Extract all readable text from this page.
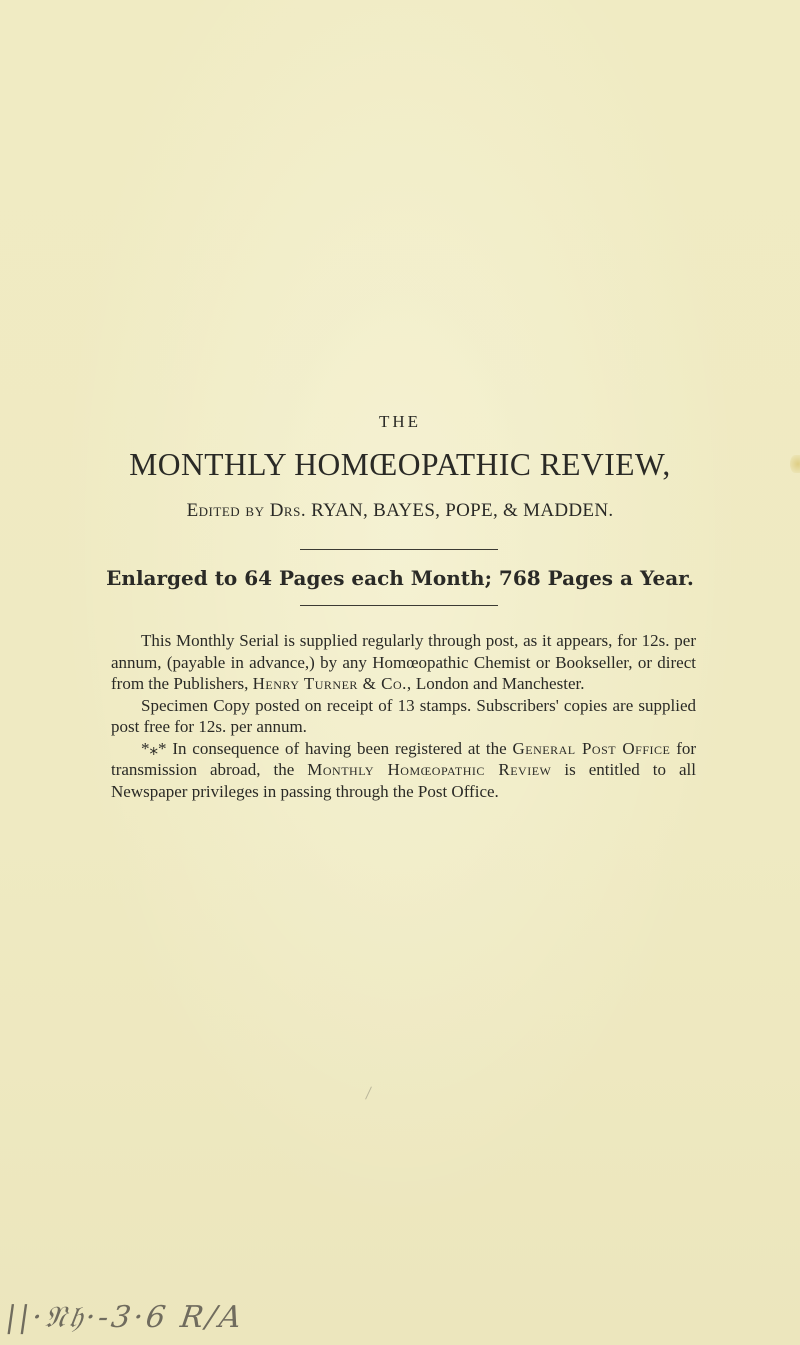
THE
MONTHLY HOMŒOPATHIC REVIEW,
Edited by Drs. RYAN, BAYES, POPE, & MADDEN.
Enlarged to 64 Pages each Month; 768 Pages a Year.

This Monthly Serial is supplied regularly through post, as it appears, for 12s. per annum, (payable in advance,) by any Homœopathic Chemist or Bookseller, or direct from the Publishers, Henry Turner & Co., London and Manchester.

Specimen Copy posted on receipt of 13 stamps. Subscribers' copies are supplied post free for 12s. per annum.

*⁎* In consequence of having been registered at the General Post Office for transmission abroad, the Monthly Homœopathic Review is entitled to all Newspaper privileges in passing through the Post Office.

||·𝔑𝔥·-3·6 R/A
